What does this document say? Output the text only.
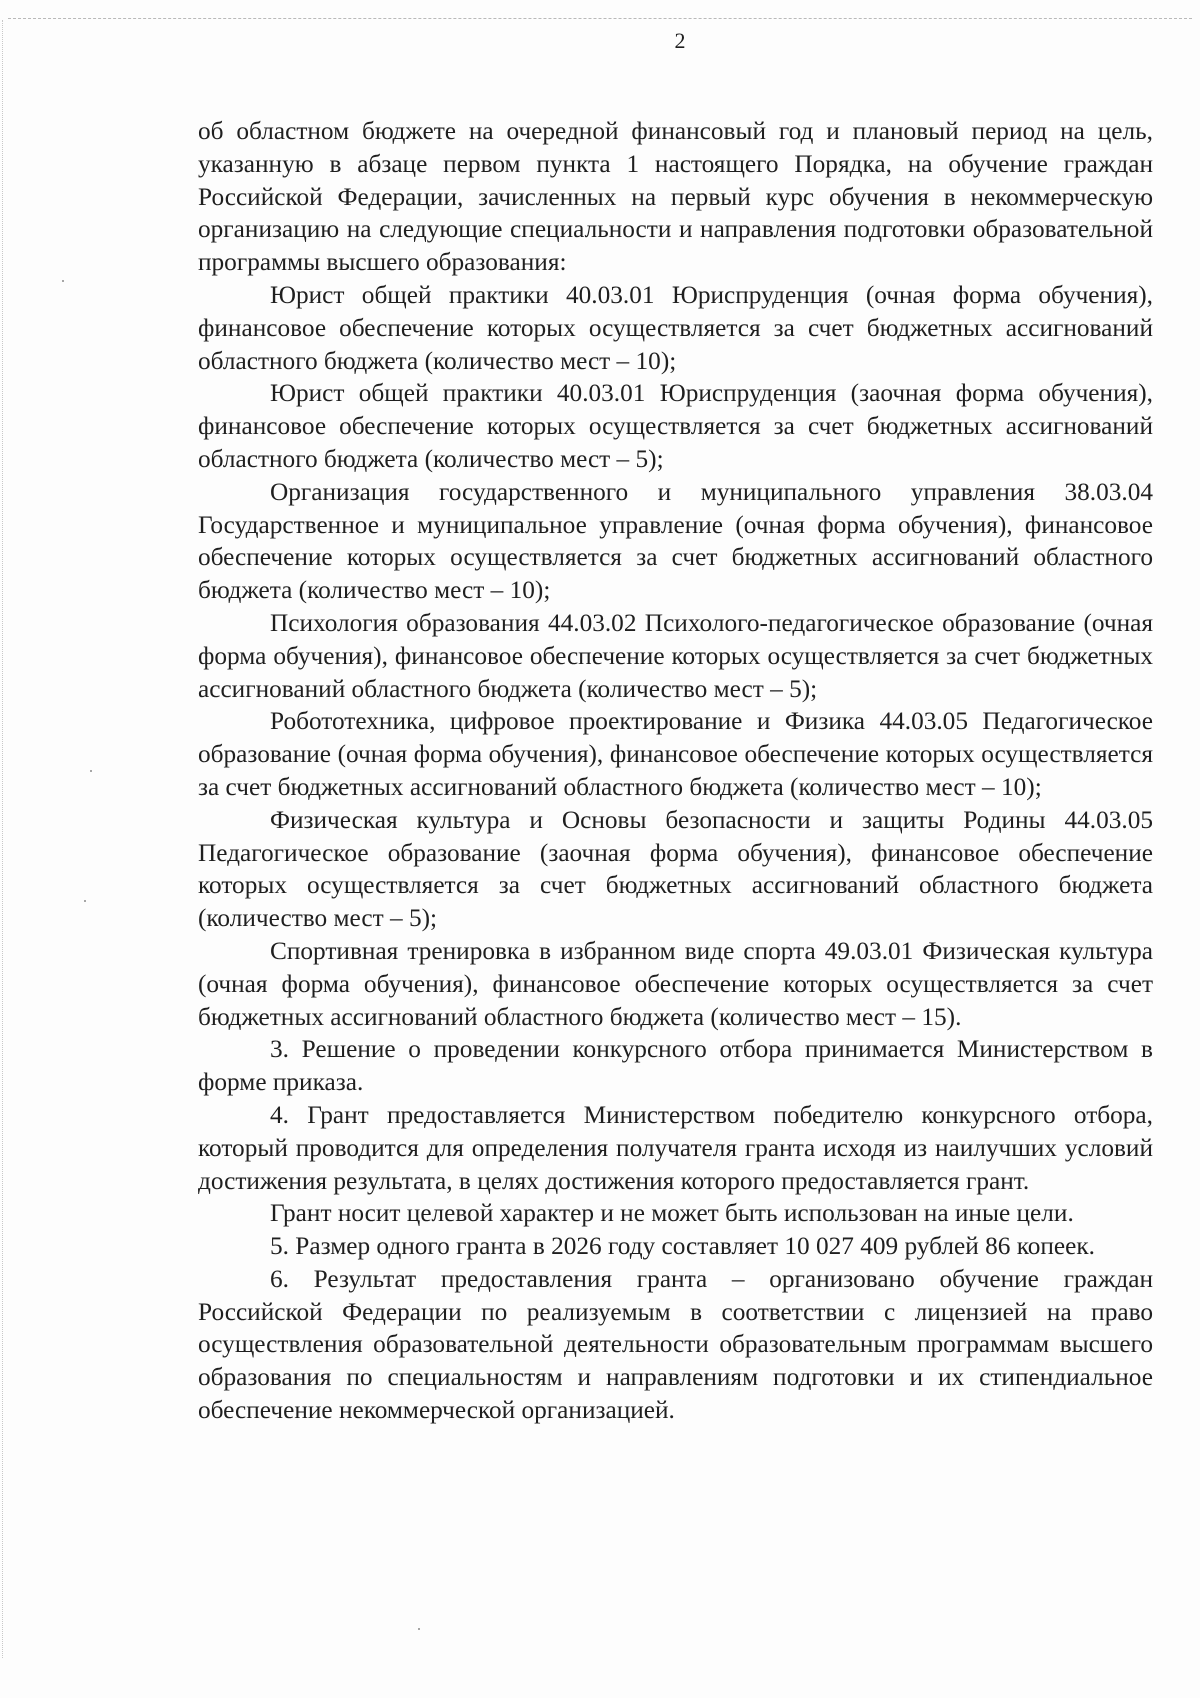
2

об областном бюджете на очередной финансовый год и плановый период на цель, указанную в абзаце первом пункта 1 настоящего Порядка, на обучение граждан Российской Федерации, зачисленных на первый курс обучения в некоммерческую организацию на следующие специальности и направления подготовки образовательной программы высшего образования:

Юрист общей практики 40.03.01 Юриспруденция (очная форма обучения), финансовое обеспечение которых осуществляется за счет бюджетных ассигнований областного бюджета (количество мест – 10);

Юрист общей практики 40.03.01 Юриспруденция (заочная форма обучения), финансовое обеспечение которых осуществляется за счет бюджетных ассигнований областного бюджета (количество мест – 5);

Организация государственного и муниципального управления 38.03.04 Государственное и муниципальное управление (очная форма обучения), финансовое обеспечение которых осуществляется за счет бюджетных ассигнований областного бюджета (количество мест – 10);

Психология образования 44.03.02 Психолого-педагогическое образование (очная форма обучения), финансовое обеспечение которых осуществляется за счет бюджетных ассигнований областного бюджета (количество мест – 5);

Робототехника, цифровое проектирование и Физика 44.03.05 Педагогическое образование (очная форма обучения), финансовое обеспечение которых осуществляется за счет бюджетных ассигнований областного бюджета (количество мест – 10);

Физическая культура и Основы безопасности и защиты Родины 44.03.05 Педагогическое образование (заочная форма обучения), финансовое обеспечение которых осуществляется за счет бюджетных ассигнований областного бюджета (количество мест – 5);

Спортивная тренировка в избранном виде спорта 49.03.01 Физическая культура (очная форма обучения), финансовое обеспечение которых осуществляется за счет бюджетных ассигнований областного бюджета (количество мест – 15).

3. Решение о проведении конкурсного отбора принимается Министерством в форме приказа.

4. Грант предоставляется Министерством победителю конкурсного отбора, который проводится для определения получателя гранта исходя из наилучших условий достижения результата, в целях достижения которого предоставляется грант.

Грант носит целевой характер и не может быть использован на иные цели.

5. Размер одного гранта в 2026 году составляет 10 027 409 рублей 86 копеек.

6. Результат предоставления гранта – организовано обучение граждан Российской Федерации по реализуемым в соответствии с лицензией на право осуществления образовательной деятельности образовательным программам высшего образования по специальностям и направлениям подготовки и их стипендиальное обеспечение некоммерческой организацией.
